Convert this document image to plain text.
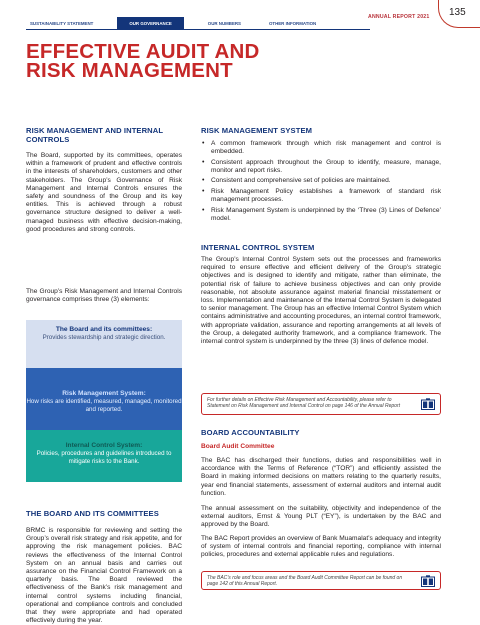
SUSTAINABILITY STATEMENT	OUR GOVERNANCE	OUR NUMBERS	OTHER INFORMATION
ANNUAL REPORT 2021 135
EFFECTIVE AUDIT AND
RISK MANAGEMENT
RISK MANAGEMENT AND INTERNAL CONTROLS
The Board, supported by its committees, operates within a framework of prudent and effective controls in the interests of shareholders, customers and other stakeholders. The Group’s Governance of Risk Management and Internal Controls ensures the safety and soundness of the Group and its key entities. This is achieved through a robust governance structure designed to deliver a well-managed business with effective decision-making, good procedures and strong controls.
The Group’s Risk Management and Internal Controls governance comprises three (3) elements:
The Board and its committees:
Provides stewardship and strategic direction.
Risk Management System:
How risks are identified, measured, managed, monitored and reported.
Internal Control System:
Policies, procedures and guidelines introduced to mitigate risks to the Bank.
THE BOARD AND ITS COMMITTEES
BRMC is responsible for reviewing and setting the Group’s overall risk strategy and risk appetite, and for approving the risk management policies. BAC reviews the effectiveness of the Internal Control System on an annual basis and carries out assurance on the Financial Control Framework on a quarterly basis. The Board reviewed the effectiveness of the Bank’s risk management and internal control systems including financial, operational and compliance controls and concluded that they were appropriate and had operated effectively during the year.
RISK MANAGEMENT SYSTEM
• A common framework through which risk management and control is embedded.
• Consistent approach throughout the Group to identify, measure, manage, monitor and report risks.
• Consistent and comprehensive set of policies are maintained.
• Risk Management Policy establishes a framework of standard risk management processes.
• Risk Management System is underpinned by the ‘Three (3) Lines of Defence’ model.
INTERNAL CONTROL SYSTEM
The Group’s Internal Control System sets out the processes and frameworks required to ensure effective and efficient delivery of the Group’s strategic objectives and is designed to identify and mitigate, rather than eliminate, the potential risk of failure to achieve business objectives and can only provide reasonable, not absolute assurance against material financial misstatement or loss. Implementation and maintenance of the Internal Control System is delegated to senior management. The Group has an effective Internal Control System which contains administrative and accounting procedures, an internal control framework, with appropriate validation, assurance and reporting arrangements at all levels of the Group, a delegated authority framework, and a compliance framework. The internal control system is underpinned by the three (3) lines of defence model.
For further details on Effective Risk Management and Accountability, please refer to Statement on Risk Management and Internal Control on page 146 of the Annual Report
BOARD ACCOUNTABILITY
Board Audit Committee
The BAC has discharged their functions, duties and responsibilities well in accordance with the Terms of Reference (“TOR”) and efficiently assisted the Board in making informed decisions on matters relating to the quarterly results, year end financial statements, assessment of external auditors and internal audit function.
The annual assessment on the suitability, objectivity and independence of the external auditors, Ernst & Young PLT (“EY”), is undertaken by the BAC and approved by the Board.
The BAC Report provides an overview of Bank Muamalat’s adequacy and integrity of system of internal controls and financial reporting, compliance with internal policies, procedures and external applicable rules and regulations.
The BAC’s role and focus areas and the Board Audit Committee Report can be found on page 142 of this Annual Report.
